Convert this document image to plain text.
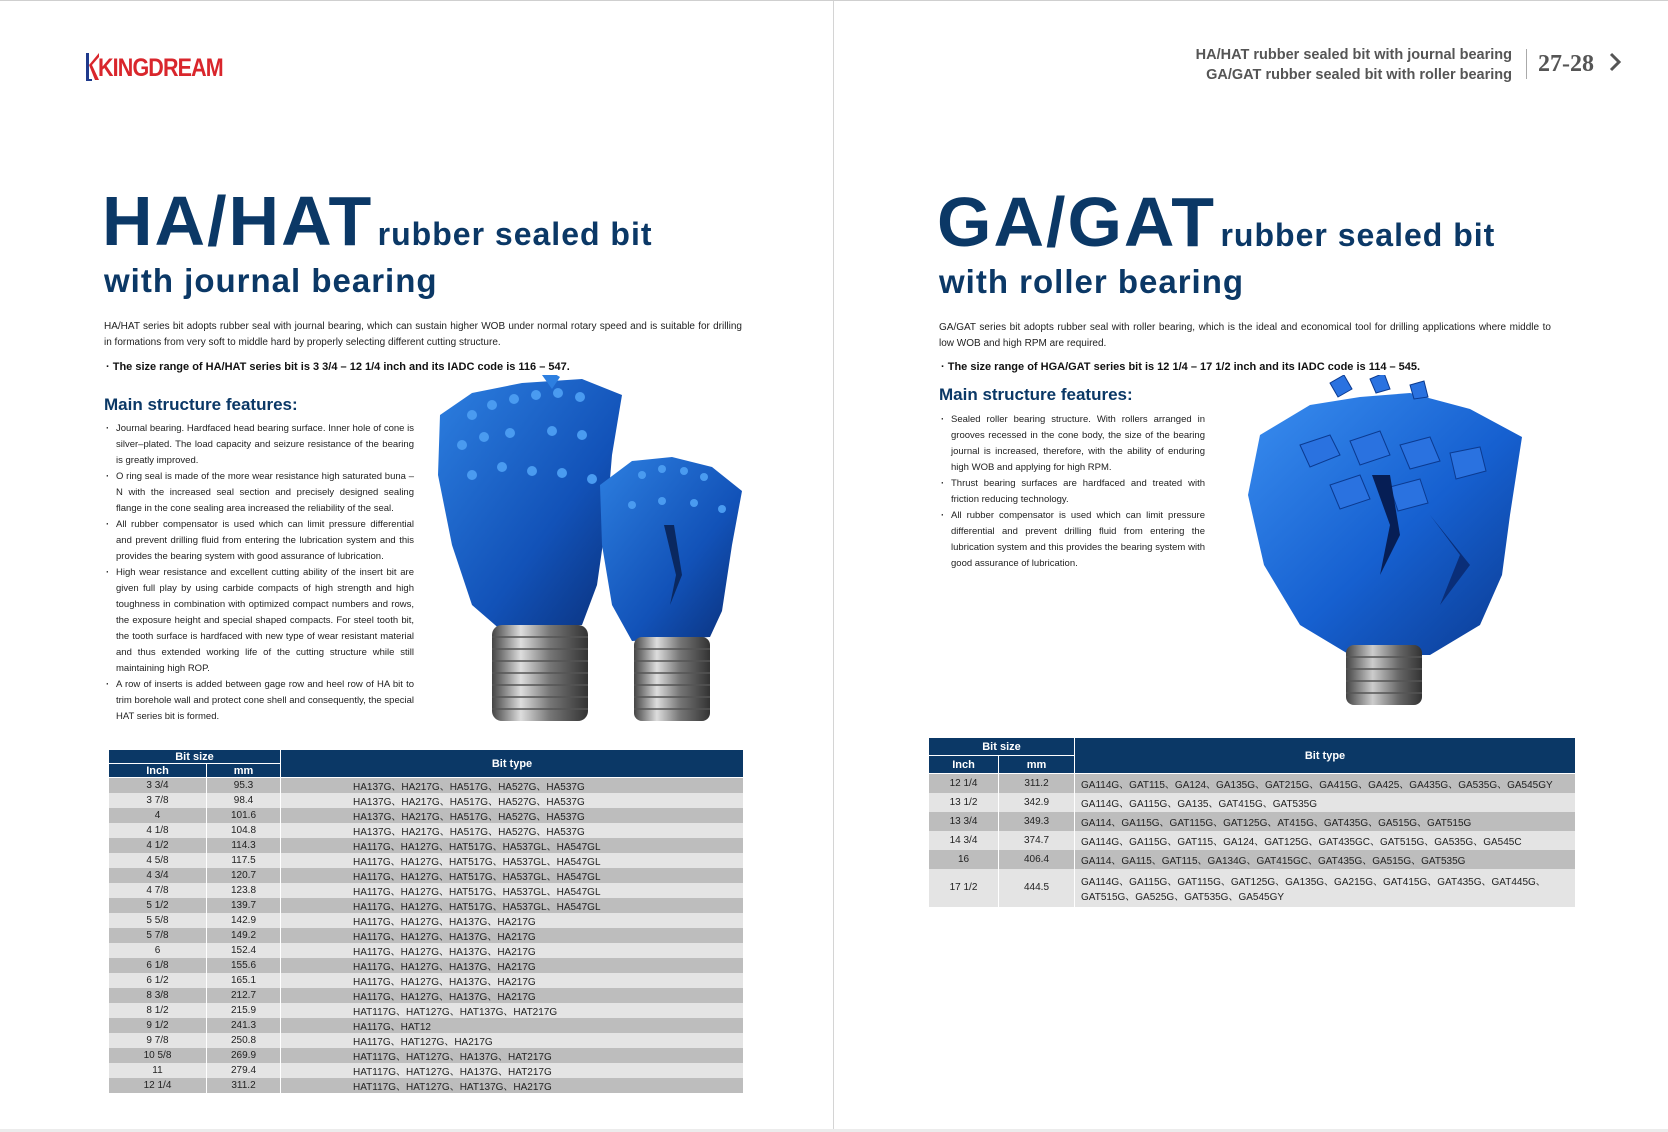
KINGDREAM	HA/HAT rubber sealed bit with journal bearing
GA/GAT rubber sealed bit with roller bearing 27-28
HA/HAT rubber sealed bit
with journal bearing
HA/HAT series bit adopts rubber seal with journal bearing, which can sustain higher WOB under normal rotary speed and is suitable for drilling in formations from very soft to middle hard by properly selecting different cutting structure.
· The size range of HA/HAT series bit is 3 3/4 – 12 1/4 inch and its IADC code is 116 – 547.
Main structure features:
· Journal bearing. Hardfaced head bearing surface. Inner hole of cone is silver–plated. The load capacity and seizure resistance of the bearing is greatly improved.
· O ring seal is made of the more wear resistance high saturated buna –N with the increased seal section and precisely designed sealing flange in the cone sealing area increased the reliability of the seal.
· All rubber compensator is used which can limit pressure differential and prevent drilling fluid from entering the lubrication system and this provides the bearing system with good assurance of lubrication.
· High wear resistance and excellent cutting ability of the insert bit are given full play by using carbide compacts of high strength and high toughness in combination with optimized compact numbers and rows, the exposure height and special shaped compacts. For steel tooth bit, the tooth surface is hardfaced with new type of wear resistant material and thus extended working life of the cutting structure while still maintaining high ROP.
· A row of inserts is added between gage row and heel row of HA bit to trim borehole wall and protect cone shell and consequently, the special HAT series bit is formed.
Bit size		Bit type
Inch	mm	
3 3/4	95.3	HA137G、HA217G、HA517G、HA527G、HA537G
3 7/8	98.4	HA137G、HA217G、HA517G、HA527G、HA537G
4	101.6	HA137G、HA217G、HA517G、HA527G、HA537G
4 1/8	104.8	HA137G、HA217G、HA517G、HA527G、HA537G
4 1/2	114.3	HA117G、HA127G、HAT517G、HA537GL、HA547GL
4 5/8	117.5	HA117G、HA127G、HAT517G、HA537GL、HA547GL
4 3/4	120.7	HA117G、HA127G、HAT517G、HA537GL、HA547GL
4 7/8	123.8	HA117G、HA127G、HAT517G、HA537GL、HA547GL
5 1/2	139.7	HA117G、HA127G、HAT517G、HA537GL、HA547GL
5 5/8	142.9	HA117G、HA127G、HA137G、HA217G
5 7/8	149.2	HA117G、HA127G、HA137G、HA217G
6	152.4	HA117G、HA127G、HA137G、HA217G
6 1/8	155.6	HA117G、HA127G、HA137G、HA217G
6 1/2	165.1	HA117G、HA127G、HA137G、HA217G
8 3/8	212.7	HA117G、HA127G、HA137G、HA217G
8 1/2	215.9	HAT117G、HAT127G、HAT137G、HAT217G
9 1/2	241.3	HA117G、HAT12
9 7/8	250.8	HA117G、HAT127G、HA217G
10 5/8	269.9	HAT117G、HAT127G、HA137G、HAT217G
11	279.4	HAT117G、HAT127G、HA137G、HAT217G
12 1/4	311.2	HAT117G、HAT127G、HAT137G、HA217G
GA/GAT rubber sealed bit
with roller bearing
GA/GAT series bit adopts rubber seal with roller bearing, which is the ideal and economical tool for drilling applications where middle to low WOB and high RPM are required.
· The size range of HGA/GAT series bit is 12 1/4 – 17 1/2 inch and its IADC code is 114 – 545.
Main structure features:
· Sealed roller bearing structure. With rollers arranged in grooves recessed in the cone body, the size of the bearing journal is increased, therefore, with the ability of enduring high WOB and applying for high RPM.
· Thrust bearing surfaces are hardfaced and treated with friction reducing technology.
· All rubber compensator is used which can limit pressure differential and prevent drilling fluid from entering the lubrication system and this provides the bearing system with good assurance of lubrication.
Bit size		Bit type
Inch	mm	
12 1/4	311.2	GA114G、GAT115、GA124、GA135G、GAT215G、GA415G、GA425、GA435G、GA535G、GA545GY
13 1/2	342.9	GA114G、GA115G、GA135、GAT415G、GAT535G
13 3/4	349.3	GA114、GA115G、GAT115G、GAT125G、AT415G、GAT435G、GA515G、GAT515G
14 3/4	374.7	GA114G、GA115G、GAT115、GA124、GAT125G、GAT435GC、GAT515G、GA535G、GA545C
16	406.4	GA114、GA115、GAT115、GA134G、GAT415GC、GAT435G、GA515G、GAT535G
17 1/2	444.5	GA114G、GA115G、GAT115G、GAT125G、GA135G、GA215G、GAT415G、GAT435G、GAT445G、GAT515G、GA525G、GAT535G、GA545GY
